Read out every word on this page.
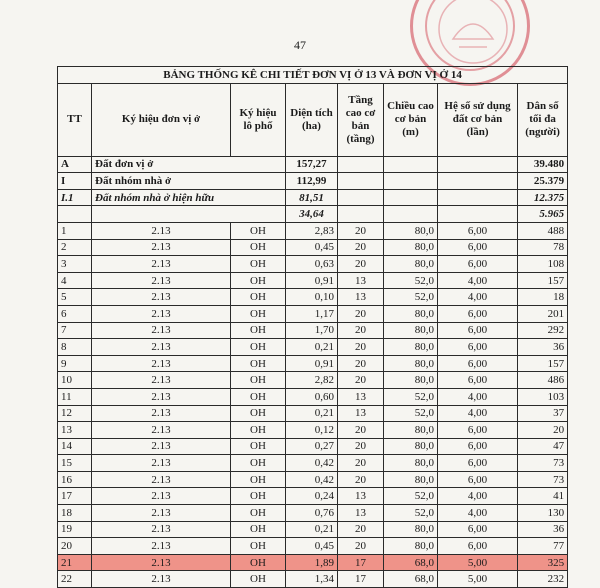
47
BẢNG THỐNG KÊ CHI TIẾT ĐƠN VỊ Ở 13 VÀ ĐƠN VỊ Ở 14							
TT	Ký hiệu đơn vị ở	Ký hiệu lô phố	Diện tích (ha)	Tầng cao cơ bản (tầng)	Chiều cao cơ bản (m)	Hệ số sử dụng đất cơ bản (lần)	Dân số tối đa (người)
A	Đất đơn vị ở		157,27				39.480
I	Đất nhóm nhà ở		112,99				25.379
I.1	Đất nhóm nhà ở hiện hữu		81,51				12.375
			34,64				5.965
1	2.13	OH	2,83	20	80,0	6,00	488
2	2.13	OH	0,45	20	80,0	6,00	78
3	2.13	OH	0,63	20	80,0	6,00	108
4	2.13	OH	0,91	13	52,0	4,00	157
5	2.13	OH	0,10	13	52,0	4,00	18
6	2.13	OH	1,17	20	80,0	6,00	201
7	2.13	OH	1,70	20	80,0	6,00	292
8	2.13	OH	0,21	20	80,0	6,00	36
9	2.13	OH	0,91	20	80,0	6,00	157
10	2.13	OH	2,82	20	80,0	6,00	486
11	2.13	OH	0,60	13	52,0	4,00	103
12	2.13	OH	0,21	13	52,0	4,00	37
13	2.13	OH	0,12	20	80,0	6,00	20
14	2.13	OH	0,27	20	80,0	6,00	47
15	2.13	OH	0,42	20	80,0	6,00	73
16	2.13	OH	0,42	20	80,0	6,00	73
17	2.13	OH	0,24	13	52,0	4,00	41
18	2.13	OH	0,76	13	52,0	4,00	130
19	2.13	OH	0,21	20	80,0	6,00	36
20	2.13	OH	0,45	20	80,0	6,00	77
21	2.13	OH	1,89	17	68,0	5,00	325
22	2.13	OH	1,34	17	68,0	5,00	232
